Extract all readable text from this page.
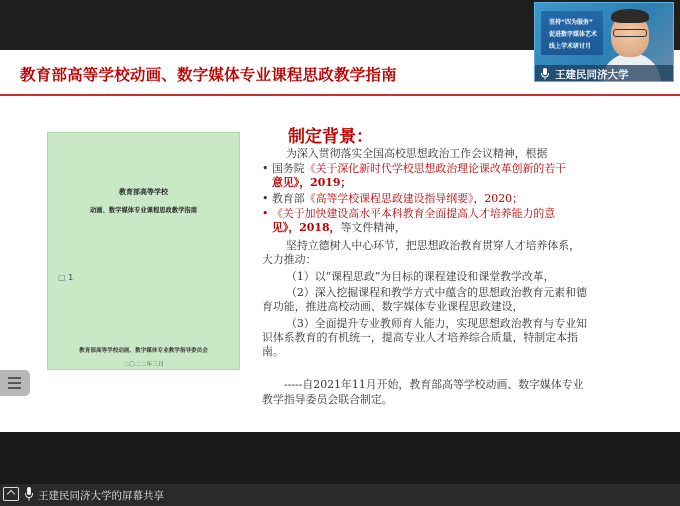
教育部高等学校动画、数字媒体专业课程思政教学指南
教育部高等学校
动画、数字媒体专业课程思政教学指南
▢ 1
教育部高等学校动画、数字媒体专业教学指导委员会
二〇二二年三月
制定背景：
为深入贯彻落实全国高校思想政治工作会议精神，根据
• 国务院《关于深化新时代学校思想政治理论课改革创新的若干
意见》，2019；
• 教育部《高等学校课程思政建设指导纲要》，2020；
• 《关于加快建设高水平本科教育全面提高人才培养能力的意
见》，2018，等文件精神，
坚持立德树人中心环节，把思想政治教育贯穿人才培养体系，
大力推动：
（1）以“课程思政”为目标的课程建设和课堂教学改革，
（2）深入挖掘课程和教学方式中蕴含的思想政治教育元素和德
育功能，推进高校动画、数字媒体专业课程思政建设，
（3）全面提升专业教师育人能力，实现思想政治教育与专业知
识体系教育的有机统一，提高专业人才培养综合质量，特制定本指
南。
-----自2021年11月开始，教育部高等学校动画、数字媒体专业
教学指导委员会联合制定。
坚持“四为服务”
促进数字媒体艺术
线上学术研讨月
王建民同济大学
王建民同济大学的屏幕共享
